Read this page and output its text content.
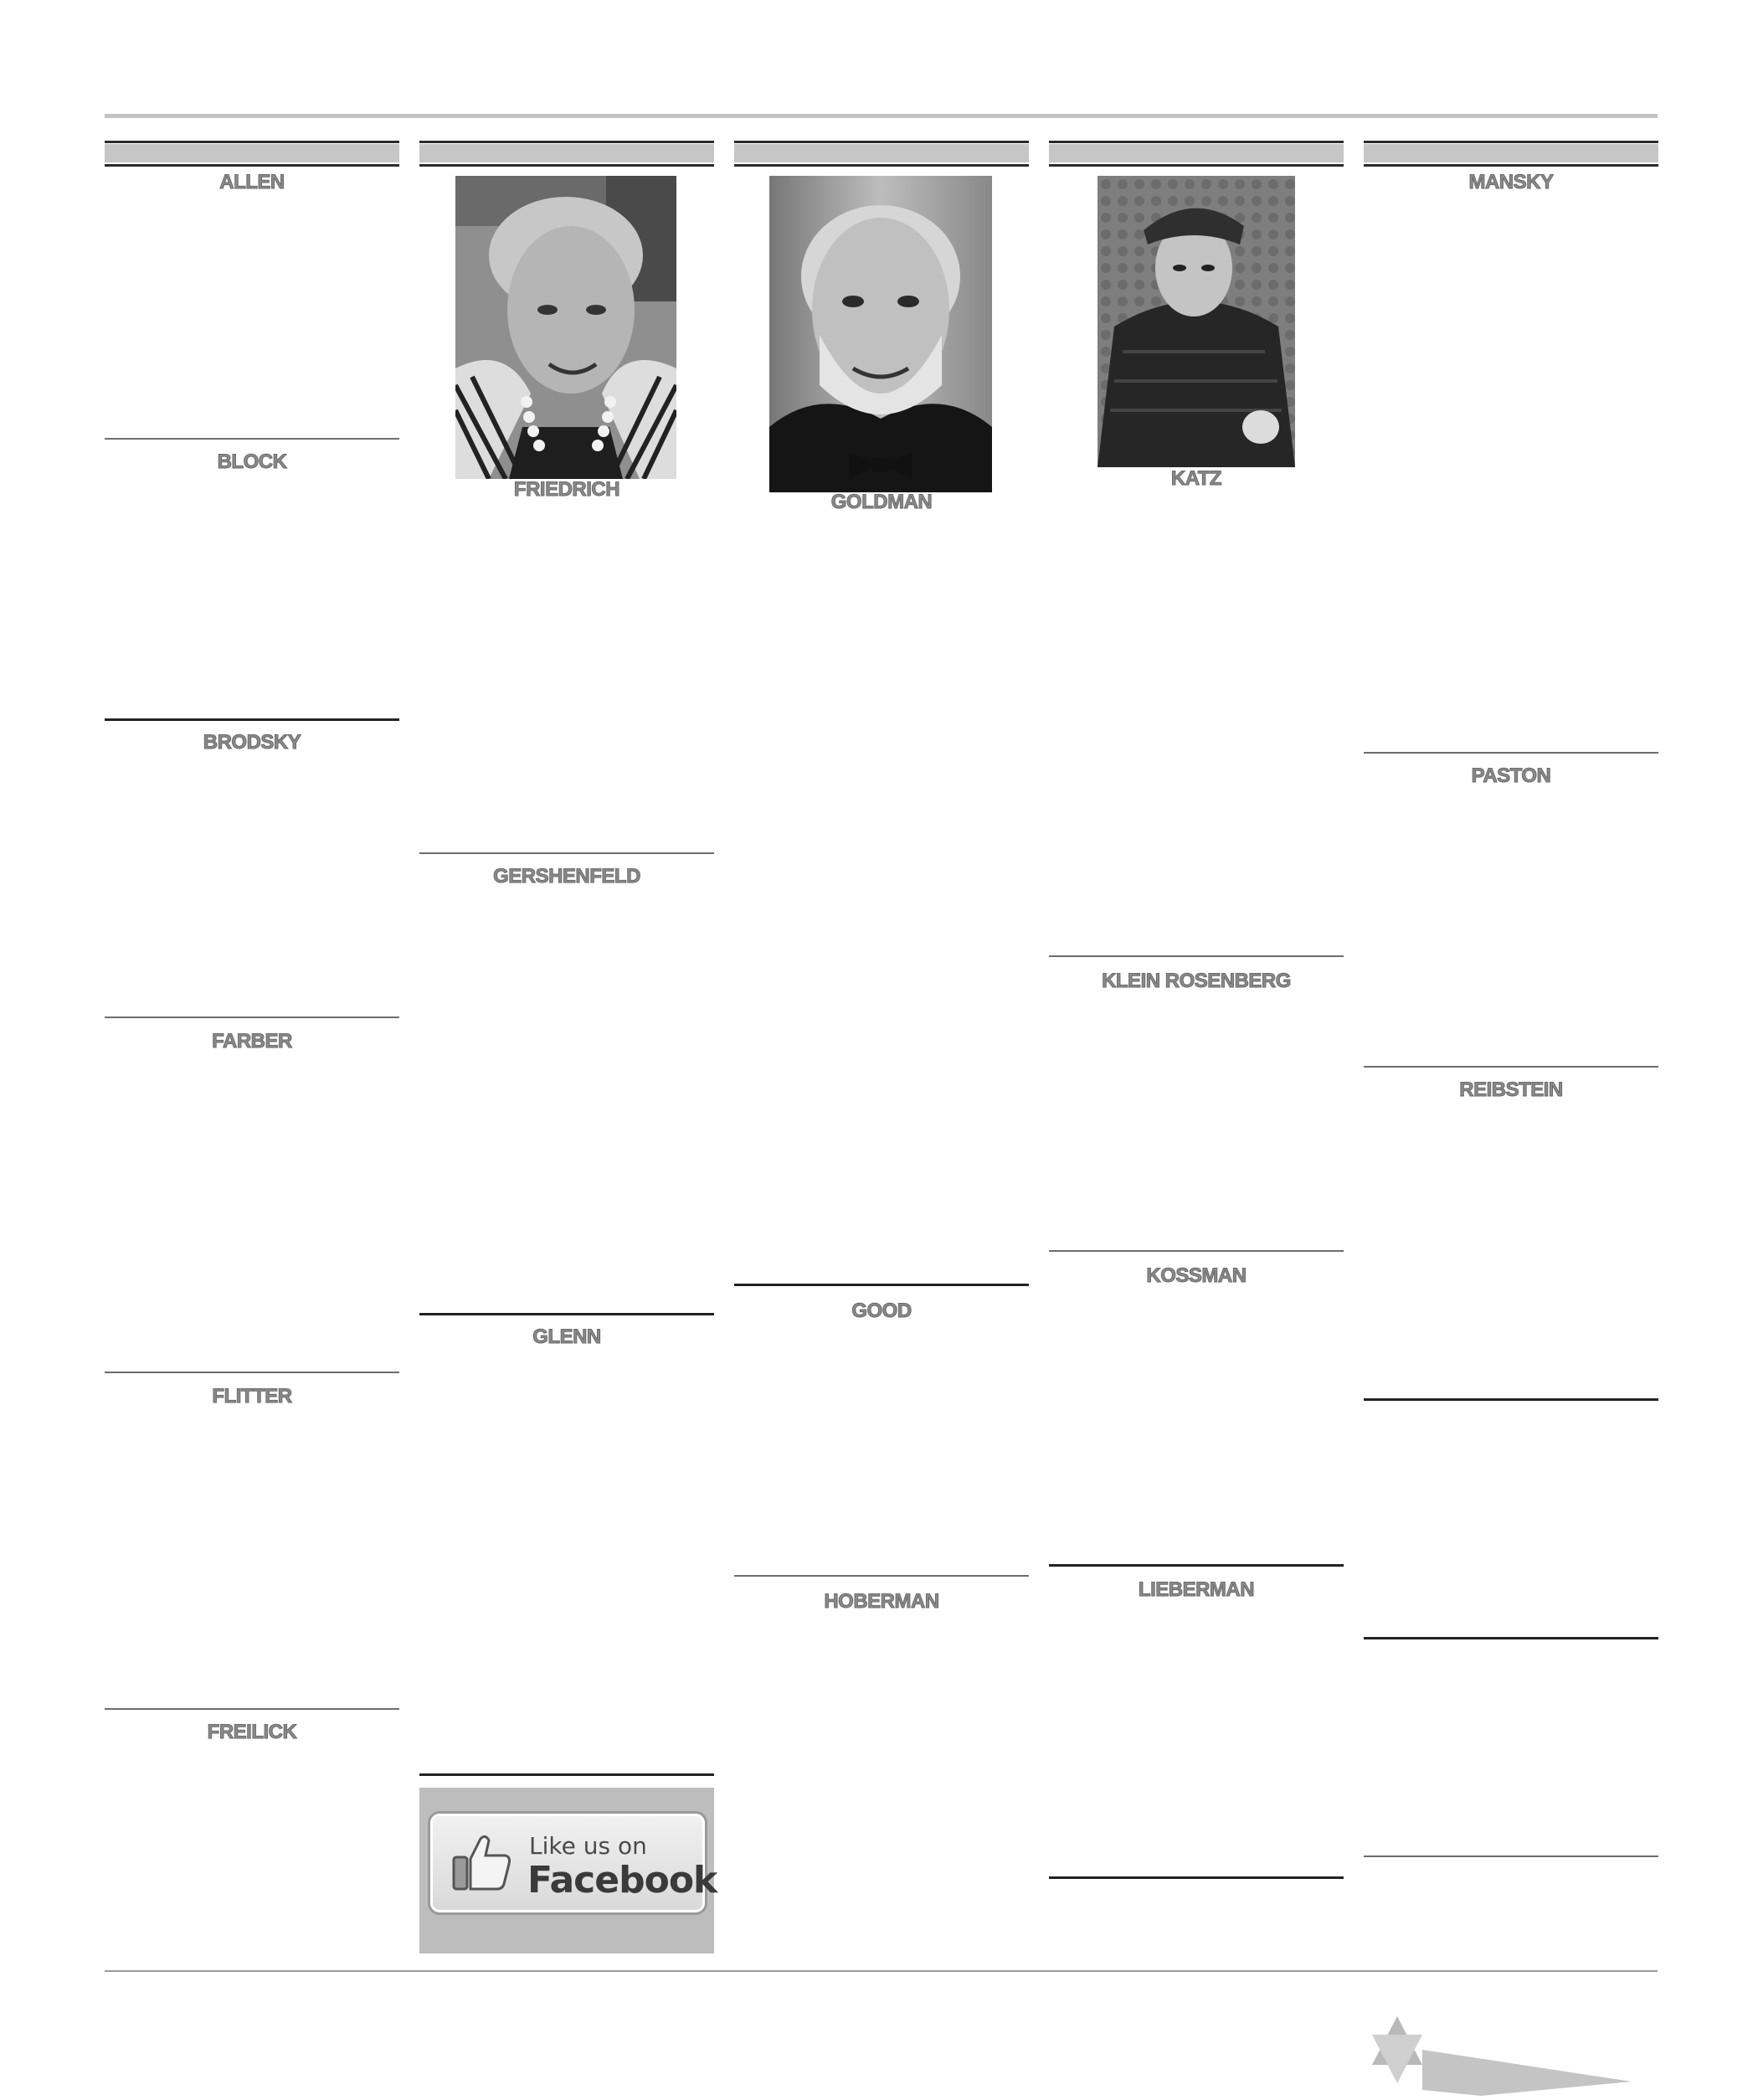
ALLEN
BLOCK
BRODSKY
FARBER
FLITTER
FREILICK
FRIEDRICH
GERSHENFELD
GLENN
Like us on
Facebook
GOLDMAN
GOOD
HOBERMAN
KATZ
KLEIN ROSENBERG
KOSSMAN
LIEBERMAN
MANSKY
PASTON
REIBSTEIN
